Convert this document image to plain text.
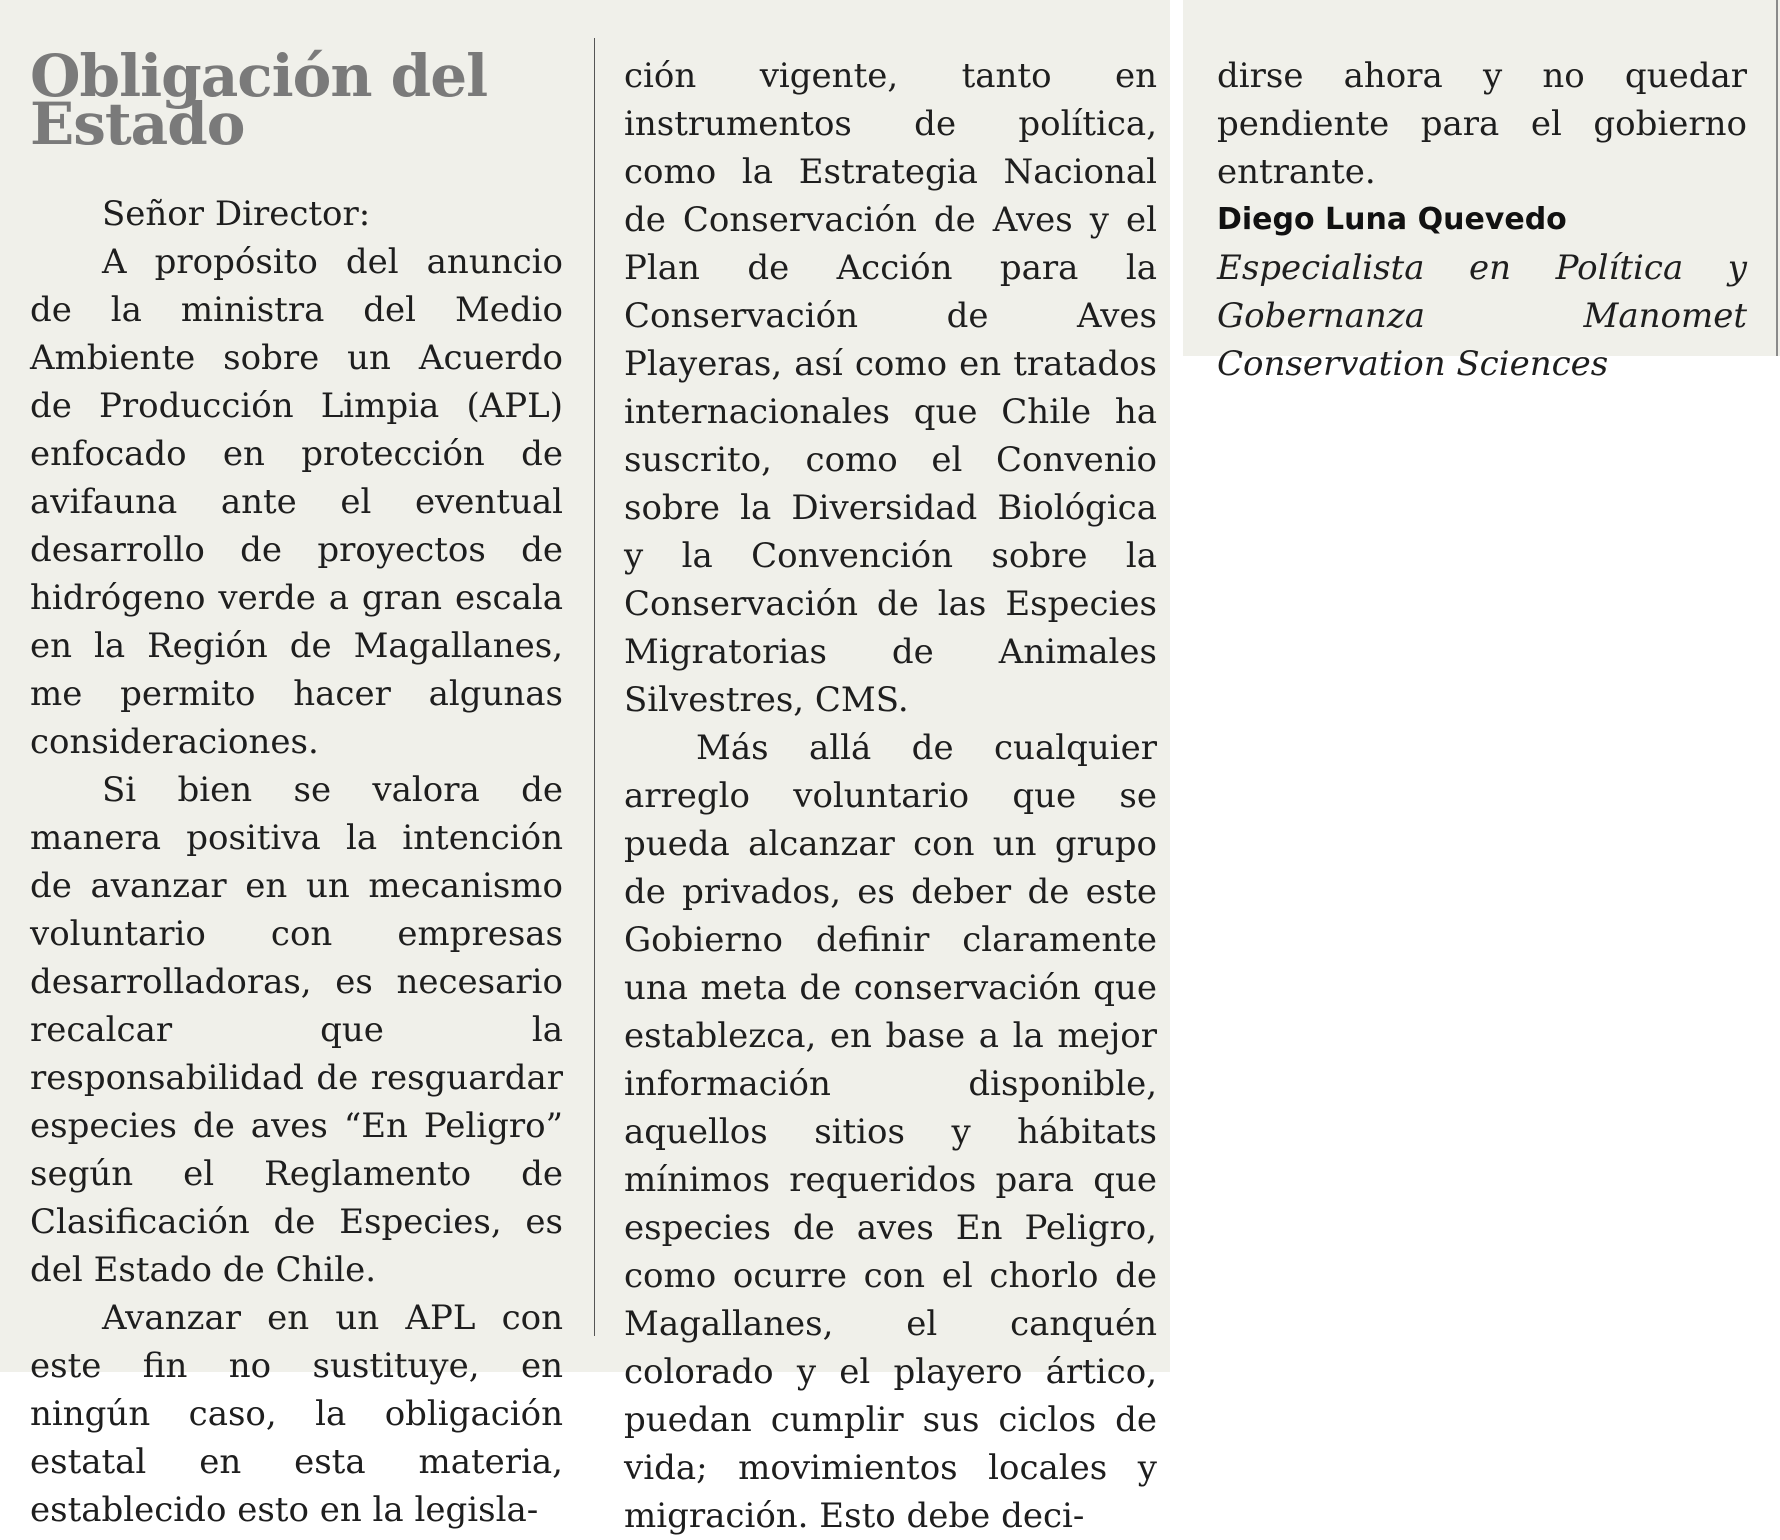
Obligación del Estado

Señor Director:

A propósito del anuncio de la ministra del Medio Ambiente sobre un Acuerdo de Producción Limpia (APL) enfocado en protección de avifauna ante el eventual desarrollo de proyectos de hidrógeno verde a gran escala en la Región de Magallanes, me permito hacer algunas consideraciones.

Si bien se valora de manera positiva la intención de avanzar en un mecanismo voluntario con empresas desarrolladoras, es necesario recalcar que la responsabilidad de resguardar especies de aves “En Peligro” según el Reglamento de Clasificación de Especies, es del Estado de Chile.

Avanzar en un APL con este fin no sustituye, en ningún caso, la obligación estatal en esta materia, establecido esto en la legisla-

ción vigente, tanto en instrumentos de política, como la Estrategia Nacional de Conservación de Aves y el Plan de Acción para la Conservación de Aves Playeras, así como en tratados internacionales que Chile ha suscrito, como el Convenio sobre la Diversidad Biológica y la Convención sobre la Conservación de las Especies Migratorias de Animales Silvestres, CMS.

Más allá de cualquier arreglo voluntario que se pueda alcanzar con un grupo de privados, es deber de este Gobierno definir claramente una meta de conservación que establezca, en base a la mejor información disponible, aquellos sitios y hábitats mínimos requeridos para que especies de aves En Peligro, como ocurre con el chorlo de Magallanes, el canquén colorado y el playero ártico, puedan cumplir sus ciclos de vida; movimientos locales y migración. Esto debe deci-

dirse ahora y no quedar pendiente para el gobierno entrante.

Diego Luna Quevedo

Especialista en Política y Gobernanza Manomet Conservation Sciences
